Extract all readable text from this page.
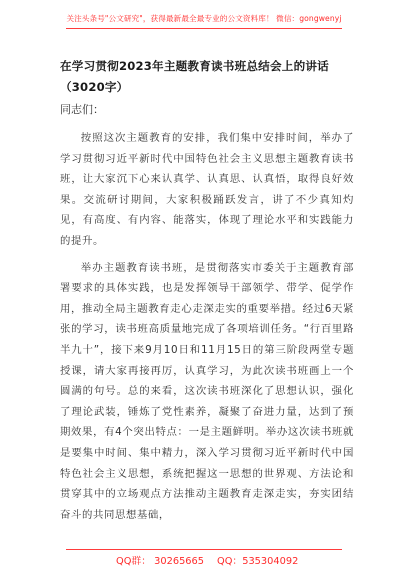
关注头条号"公文研究"，获得最新最全最专业的公文资料库！ 微信：gongwenyj

在学习贯彻2023年主题教育读书班总结会上的讲话（3020字）

同志们：

按照这次主题教育的安排，我们集中安排时间，举办了学习贯彻习近平新时代中国特色社会主义思想主题教育读书班，让大家沉下心来认真学、认真思、认真悟，取得良好效果。交流研讨期间，大家积极踊跃发言，讲了不少真知灼见，有高度、有内容、能落实，体现了理论水平和实践能力的提升。

举办主题教育读书班，是贯彻落实市委关于主题教育部署要求的具体实践，也是发挥领导干部领学、带学、促学作用，推动全局主题教育走心走深走实的重要举措。经过6天紧张的学习，读书班高质量地完成了各项培训任务。“行百里路半九十”，接下来9月10日和11月15日的第三阶段两堂专题授课，请大家再接再厉，认真学习，为此次读书班画上一个圆满的句号。总的来看，这次读书班深化了思想认识，强化了理论武装，锤炼了党性素养，凝聚了奋进力量，达到了预期效果，有4个突出特点：一是主题鲜明。举办这次读书班就是要集中时间、集中精力，深入学习贯彻习近平新时代中国特色社会主义思想，系统把握这一思想的世界观、方法论和贯穿其中的立场观点方法推动主题教育走深走实，夯实团结奋斗的共同思想基础，

QQ群： 30265665 QQ：535304092
